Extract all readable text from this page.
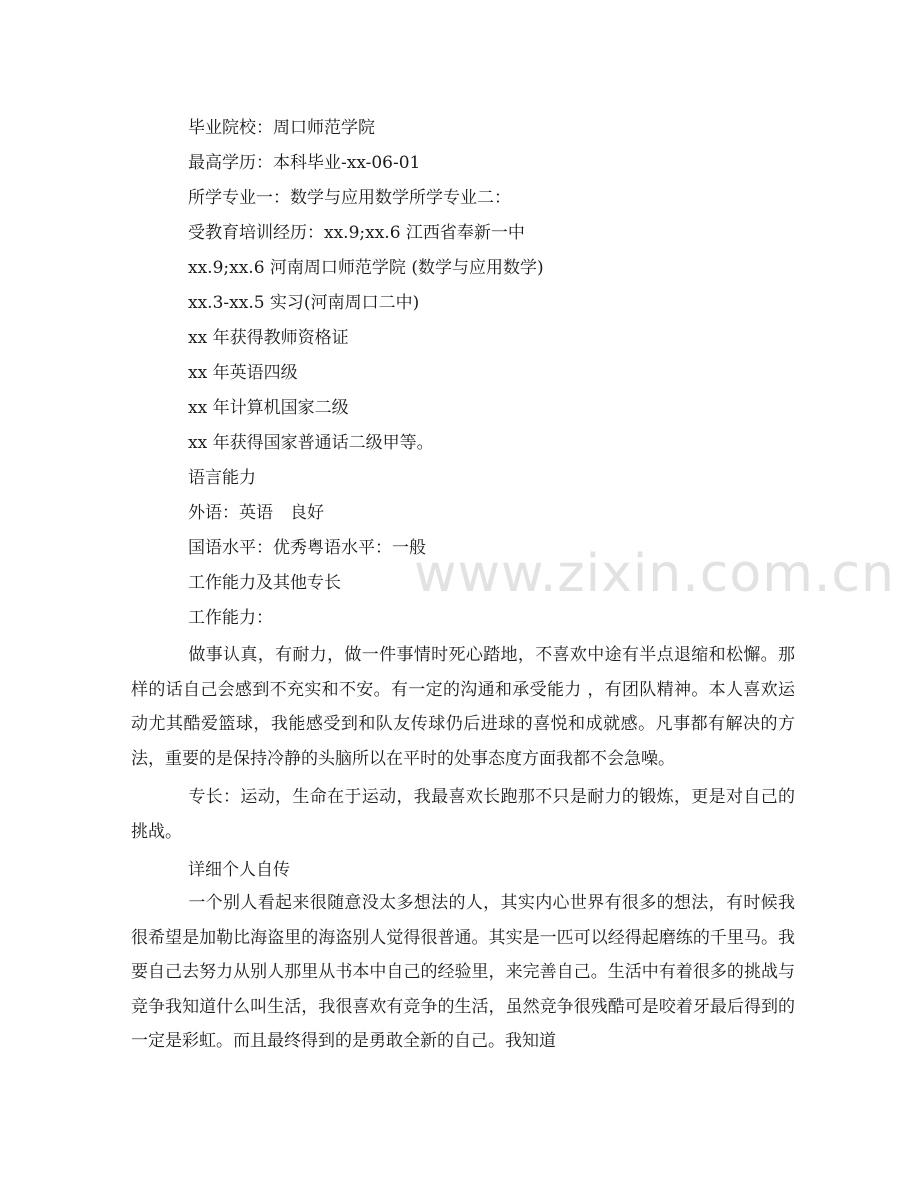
毕业院校：周口师范学院
最高学历：本科毕业-xx-06-01
所学专业一：数学与应用数学所学专业二：
受教育培训经历：xx.9;xx.6 江西省奉新一中
xx.9;xx.6 河南周口师范学院 (数学与应用数学)
xx.3-xx.5 实习(河南周口二中)
xx 年获得教师资格证
xx 年英语四级
xx 年计算机国家二级
xx 年获得国家普通话二级甲等。
语言能力
外语：英语　良好
国语水平：优秀粤语水平：一般
工作能力及其他专长
工作能力：
做事认真，有耐力，做一件事情时死心踏地，不喜欢中途有半点退缩和松懈。那样的话自己会感到不充实和不安。有一定的沟通和承受能力 ，有团队精神。本人喜欢运动尤其酷爱篮球，我能感受到和队友传球仍后进球的喜悦和成就感。凡事都有解决的方法，重要的是保持冷静的头脑所以在平时的处事态度方面我都不会急噪。
专长：运动，生命在于运动，我最喜欢长跑那不只是耐力的锻炼，更是对自己的挑战。
详细个人自传
一个别人看起来很随意没太多想法的人，其实内心世界有很多的想法，有时候我很希望是加勒比海盗里的海盗别人觉得很普通。其实是一匹可以经得起磨练的千里马。我要自己去努力从别人那里从书本中自己的经验里，来完善自己。生活中有着很多的挑战与竞争我知道什么叫生活，我很喜欢有竞争的生活，虽然竞争很残酷可是咬着牙最后得到的一定是彩虹。而且最终得到的是勇敢全新的自己。我知道
www.zixin.com.cn
